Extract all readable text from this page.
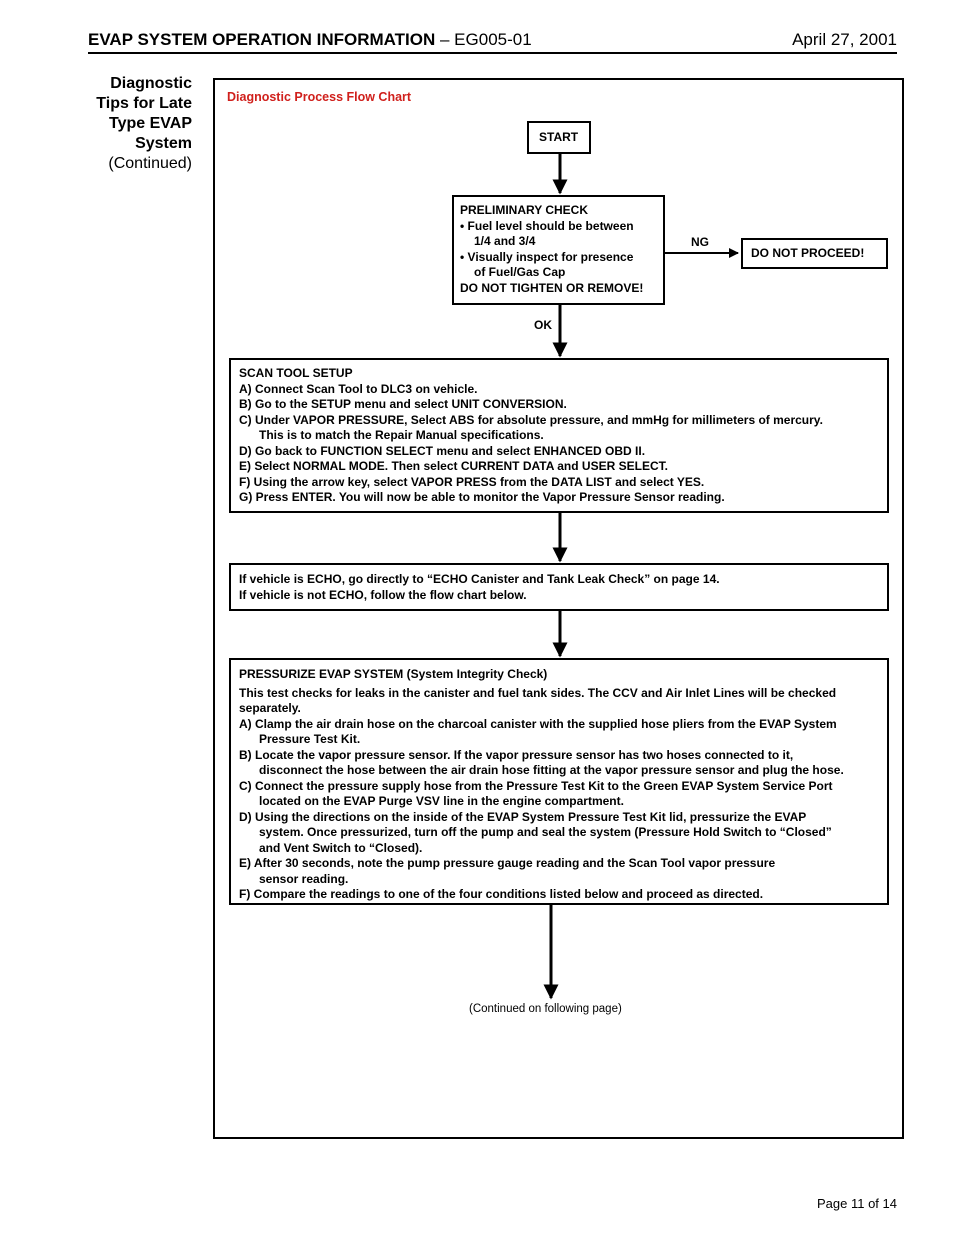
EVAP SYSTEM OPERATION INFORMATION – EG005-01	April 27, 2001
Diagnostic
Tips for Late
Type EVAP
System
(Continued)
Diagnostic Process Flow Chart
START
PRELIMINARY CHECK
• Fuel level should be between
1/4 and 3/4
• Visually inspect for presence
of Fuel/Gas Cap
DO NOT TIGHTEN OR REMOVE!
NG
DO NOT PROCEED!
OK
SCAN TOOL SETUP
A) Connect Scan Tool to DLC3 on vehicle.
B) Go to the SETUP menu and select UNIT CONVERSION.
C) Under VAPOR PRESSURE, Select ABS for absolute pressure, and mmHg for millimeters of mercury.
This is to match the Repair Manual specifications.
D) Go back to FUNCTION SELECT menu and select ENHANCED OBD II.
E) Select NORMAL MODE. Then select CURRENT DATA and USER SELECT.
F) Using the arrow key, select VAPOR PRESS from the DATA LIST and select YES.
G) Press ENTER. You will now be able to monitor the Vapor Pressure Sensor reading.
If vehicle is ECHO, go directly to “ECHO Canister and Tank Leak Check” on page 14.
If vehicle is not ECHO, follow the flow chart below.
PRESSURIZE EVAP SYSTEM (System Integrity Check)
This test checks for leaks in the canister and fuel tank sides. The CCV and Air Inlet Lines will be checked
separately.
A) Clamp the air drain hose on the charcoal canister with the supplied hose pliers from the EVAP System
Pressure Test Kit.
B) Locate the vapor pressure sensor. If the vapor pressure sensor has two hoses connected to it,
disconnect the hose between the air drain hose fitting at the vapor pressure sensor and plug the hose.
C) Connect the pressure supply hose from the Pressure Test Kit to the Green EVAP System Service Port
located on the EVAP Purge VSV line in the engine compartment.
D) Using the directions on the inside of the EVAP System Pressure Test Kit lid, pressurize the EVAP
system. Once pressurized, turn off the pump and seal the system (Pressure Hold Switch to “Closed”
and Vent Switch to “Closed).
E) After 30 seconds, note the pump pressure gauge reading and the Scan Tool vapor pressure
sensor reading.
F) Compare the readings to one of the four conditions listed below and proceed as directed.
(Continued on following page)
Page 11 of 14
